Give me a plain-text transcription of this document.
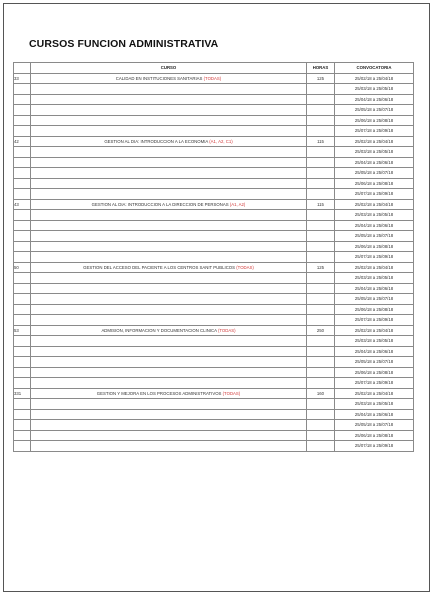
CURSOS FUNCION ADMINISTRATIVA
	CURSO	HORAS	CONVOCATORIA
33	CALIDAD EN INSTITUCIONES SANITARIAS (TODAS)	125	25/02/18 a 25/04/18
			25/03/18 a 25/05/18
			25/04/18 a 25/06/18
			25/05/18 a 25/07/18
			25/06/18 a 25/08/18
			25/07/18 a 25/09/18
42	GESTION AL DIA: INTRODUCCION A LA ECONOMIA (A1, A2, C1)	115	25/02/18 a 25/04/18
			25/03/18 a 25/05/18
			25/04/18 a 25/06/18
			25/05/18 a 25/07/18
			25/06/18 a 25/08/18
			25/07/18 a 25/09/18
43	GESTION AL DIA: INTRODUCCION A LA DIRECCION DE PERSONAS (A1, A2)	115	25/02/18 a 25/04/18
			25/03/18 a 25/05/18
			25/04/18 a 25/06/18
			25/05/18 a 25/07/18
			25/06/18 a 25/08/18
			25/07/18 a 25/09/18
50	GESTION DEL ACCESO DEL PACIENTE A LOS CENTROS SANIT PUBLICOS (TODAS)	125	25/02/18 a 25/04/18
			25/03/18 a 25/05/18
			25/04/18 a 25/06/18
			25/05/18 a 25/07/18
			25/06/18 a 25/08/18
			25/07/18 a 25/09/18
53	ADMISION, INFORMACION Y DOCUMENTACION CLINICA (TODAS)	250	25/02/18 a 25/04/18
			25/03/18 a 25/05/18
			25/04/18 a 25/06/18
			25/05/18 a 25/07/18
			25/06/18 a 25/08/18
			25/07/18 a 25/09/18
331	GESTION Y MEJORA EN LOS PROCESOS ADMINISTRATIVOS (TODAS)	160	25/02/18 a 25/04/18
			25/03/18 a 25/05/18
			25/04/18 a 25/06/18
			25/05/18 a 25/07/18
			25/06/18 a 25/08/18
			25/07/18 a 25/09/18
